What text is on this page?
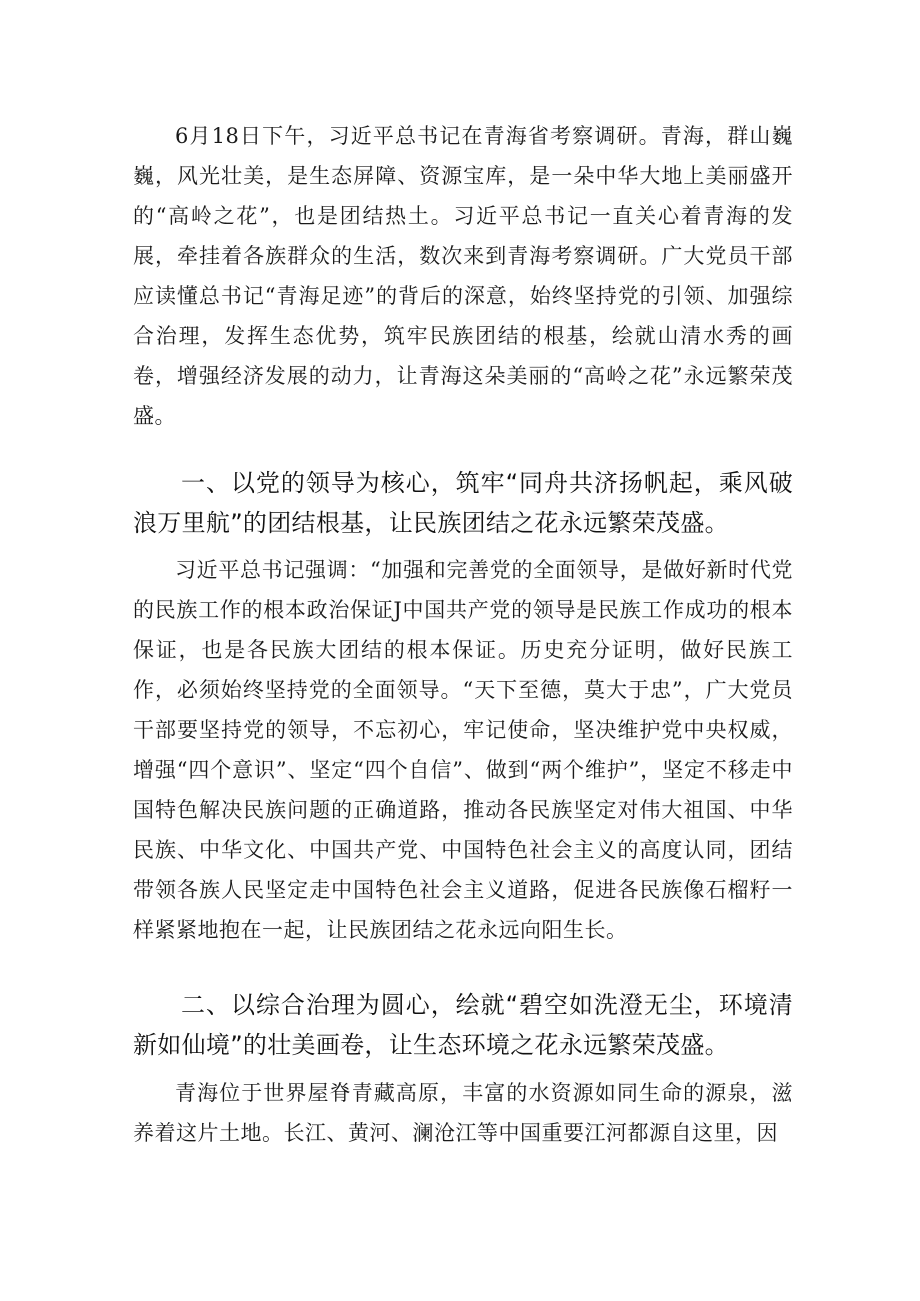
6月18日下午，习近平总书记在青海省考察调研。青海，群山巍巍，风光壮美，是生态屏障、资源宝库，是一朵中华大地上美丽盛开的“高岭之花”，也是团结热土。习近平总书记一直关心着青海的发展，牵挂着各族群众的生活，数次来到青海考察调研。广大党员干部应读懂总书记“青海足迹”的背后的深意，始终坚持党的引领、加强综合治理，发挥生态优势，筑牢民族团结的根基，绘就山清水秀的画卷，增强经济发展的动力，让青海这朵美丽的“高岭之花”永远繁荣茂盛。

一、以党的领导为核心，筑牢“同舟共济扬帆起，乘风破浪万里航”的团结根基，让民族团结之花永远繁荣茂盛。

习近平总书记强调：“加强和完善党的全面领导，是做好新时代党的民族工作的根本政治保证J中国共产党的领导是民族工作成功的根本保证，也是各民族大团结的根本保证。历史充分证明，做好民族工作，必须始终坚持党的全面领导。“天下至德，莫大于忠”，广大党员干部要坚持党的领导，不忘初心，牢记使命，坚决维护党中央权威，增强“四个意识”、坚定“四个自信”、做到“两个维护”，坚定不移走中国特色解决民族问题的正确道路，推动各民族坚定对伟大祖国、中华民族、中华文化、中国共产党、中国特色社会主义的高度认同，团结带领各族人民坚定走中国特色社会主义道路，促进各民族像石榴籽一样紧紧地抱在一起，让民族团结之花永远向阳生长。

二、以综合治理为圆心，绘就“碧空如洗澄无尘，环境清新如仙境”的壮美画卷，让生态环境之花永远繁荣茂盛。

青海位于世界屋脊青藏高原，丰富的水资源如同生命的源泉，滋养着这片土地。长江、黄河、澜沧江等中国重要江河都源自这里，因
